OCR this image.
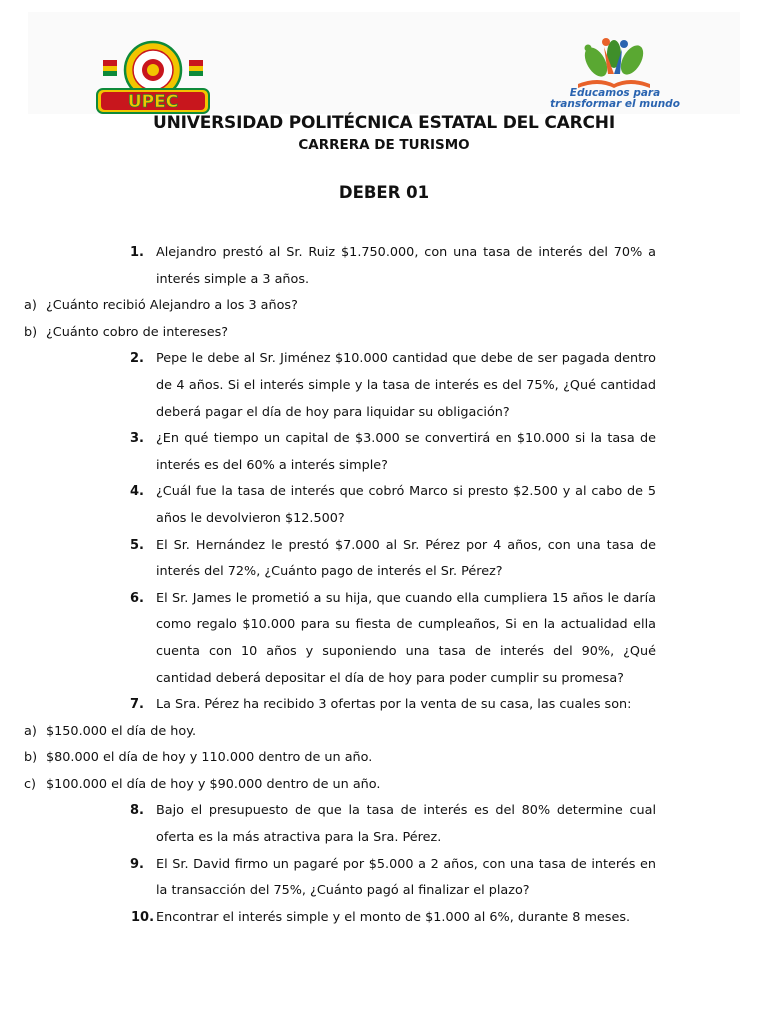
UPEC	Educamos para
transformar el mundo
UNIVERSIDAD POLITÉCNICA ESTATAL DEL CARCHI
CARRERA DE TURISMO
DEBER 01
1. Alejandro prestó al Sr. Ruiz $1.750.000, con una tasa de interés del 70% a interés simple a 3 años.
a) ¿Cuánto recibió Alejandro a los 3 años?
b) ¿Cuánto cobro de intereses?
2. Pepe le debe al Sr. Jiménez $10.000 cantidad que debe de ser pagada dentro de 4 años. Si el interés simple y la tasa de interés es del 75%, ¿Qué cantidad deberá pagar el día de hoy para liquidar su obligación?
3. ¿En qué tiempo un capital de $3.000 se convertirá en $10.000 si la tasa de interés es del 60% a interés simple?
4. ¿Cuál fue la tasa de interés que cobró Marco si presto $2.500 y al cabo de 5 años le devolvieron $12.500?
5. El Sr. Hernández le prestó $7.000 al Sr. Pérez por 4 años, con una tasa de interés del 72%, ¿Cuánto pago de interés el Sr. Pérez?
6. El Sr. James le prometió a su hija, que cuando ella cumpliera 15 años le daría como regalo $10.000 para su fiesta de cumpleaños, Si en la actualidad ella cuenta con 10 años y suponiendo una tasa de interés del 90%, ¿Qué cantidad deberá depositar el día de hoy para poder cumplir su promesa?
7. La Sra. Pérez ha recibido 3 ofertas por la venta de su casa, las cuales son:
a) $150.000 el día de hoy.
b) $80.000 el día de hoy y 110.000 dentro de un año.
c) $100.000 el día de hoy y $90.000 dentro de un año.
8. Bajo el presupuesto de que la tasa de interés es del 80% determine cual oferta es la más atractiva para la Sra. Pérez.
9. El Sr. David firmo un pagaré por $5.000 a 2 años, con una tasa de interés en la transacción del 75%, ¿Cuánto pagó al finalizar el plazo?
10. Encontrar el interés simple y el monto de $1.000 al 6%, durante 8 meses.
